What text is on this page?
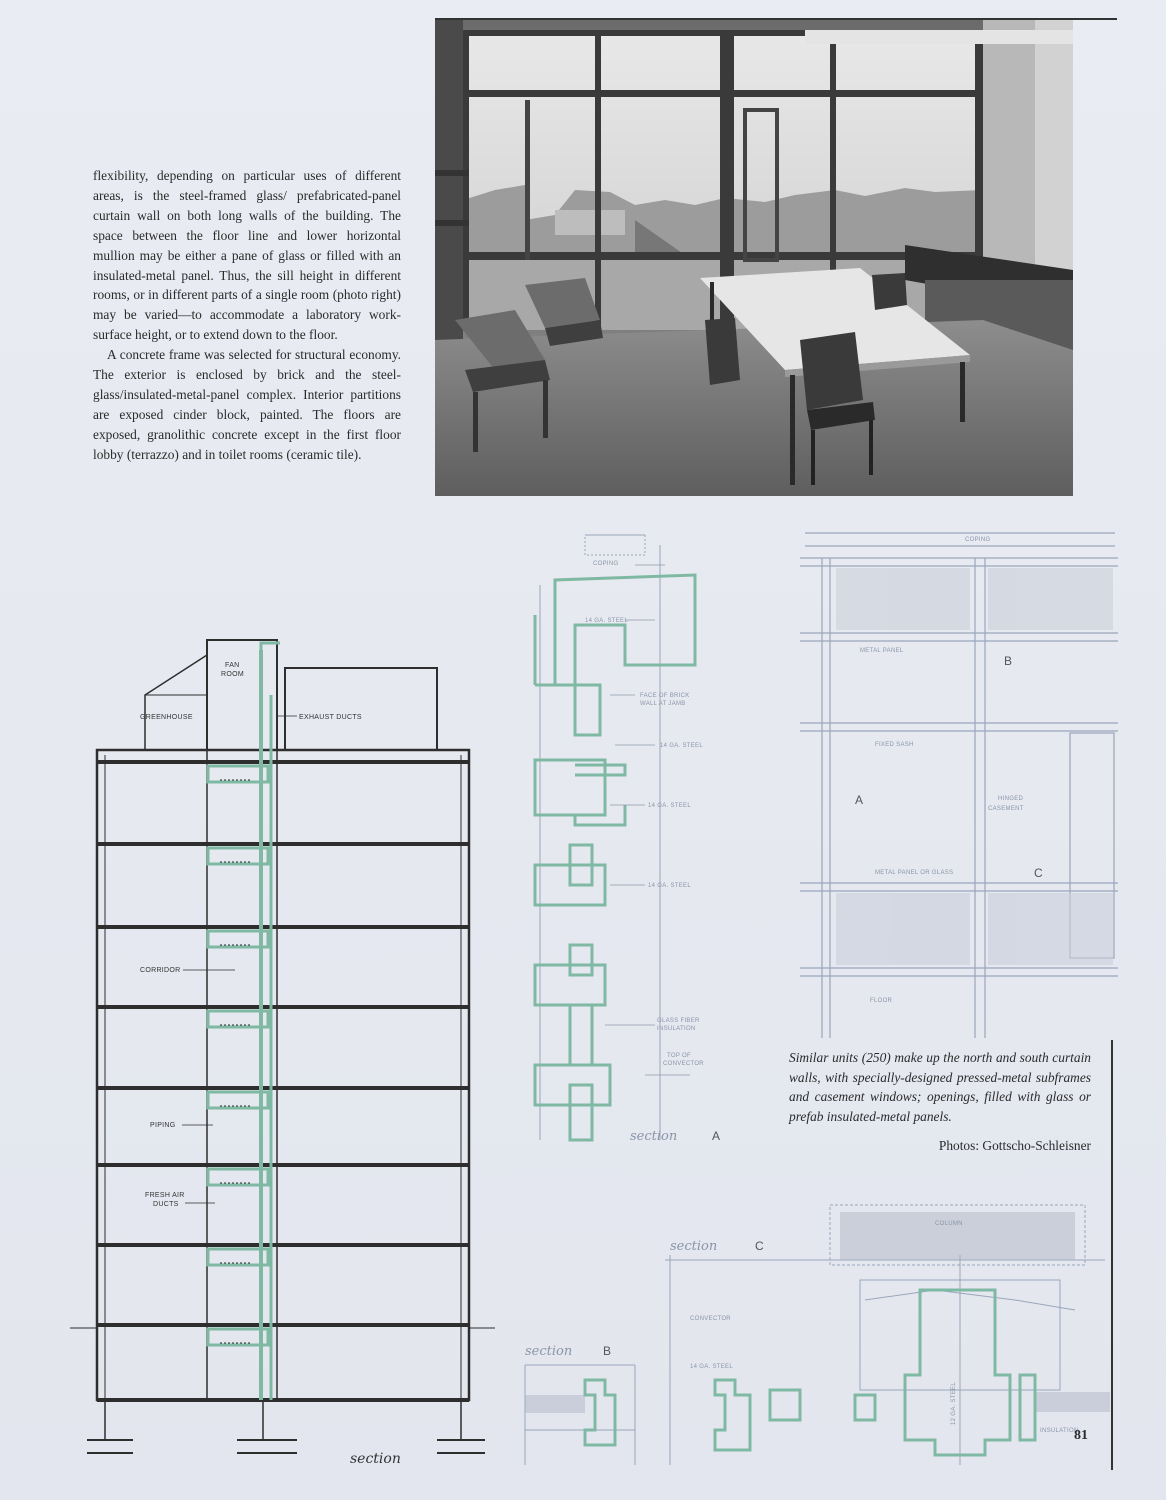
flexibility, depending on particular uses of different areas, is the steel-framed glass/ prefabricated-panel curtain wall on both long walls of the building. The space between the floor line and lower horizontal mullion may be either a pane of glass or filled with an insulated-metal panel. Thus, the sill height in different rooms, or in different parts of a single room (photo right) may be varied—to accommodate a laboratory work-surface height, or to extend down to the floor.

A concrete frame was selected for structural economy. The exterior is enclosed by brick and the steel-glass/insulated-metal-panel complex. Interior partitions are exposed cinder block, painted. The floors are exposed, granolithic concrete except in the first floor lobby (terrazzo) and in toilet rooms (ceramic tile).

FAN
ROOM
GREENHOUSE	EXHAUST DUCTS
CORRIDOR
PIPING
FRESH AIR
DUCTS
section
COPING
14 GA. STEEL
FACE OF BRICK
WALL AT JAMB
14 GA. STEEL
14 GA. STEEL
14 GA. STEEL
GLASS FIBER
INSULATION
TOP OF
CONVECTOR
section	A
COPING
METAL PANEL
FIXED SASH
HINGED
CASEMENT
METAL PANEL OR GLASS
FLOOR
A
B
C
Similar units (250) make up the north and south curtain walls, with specially-designed pressed-metal subframes and casement windows; openings, filled with glass or prefab insulated-metal panels.
Photos: Gottscho-Schleisner
section	C
COLUMN
CONVECTOR
INSULATION
12 GA. STEEL
section	B
14 GA. STEEL
81
